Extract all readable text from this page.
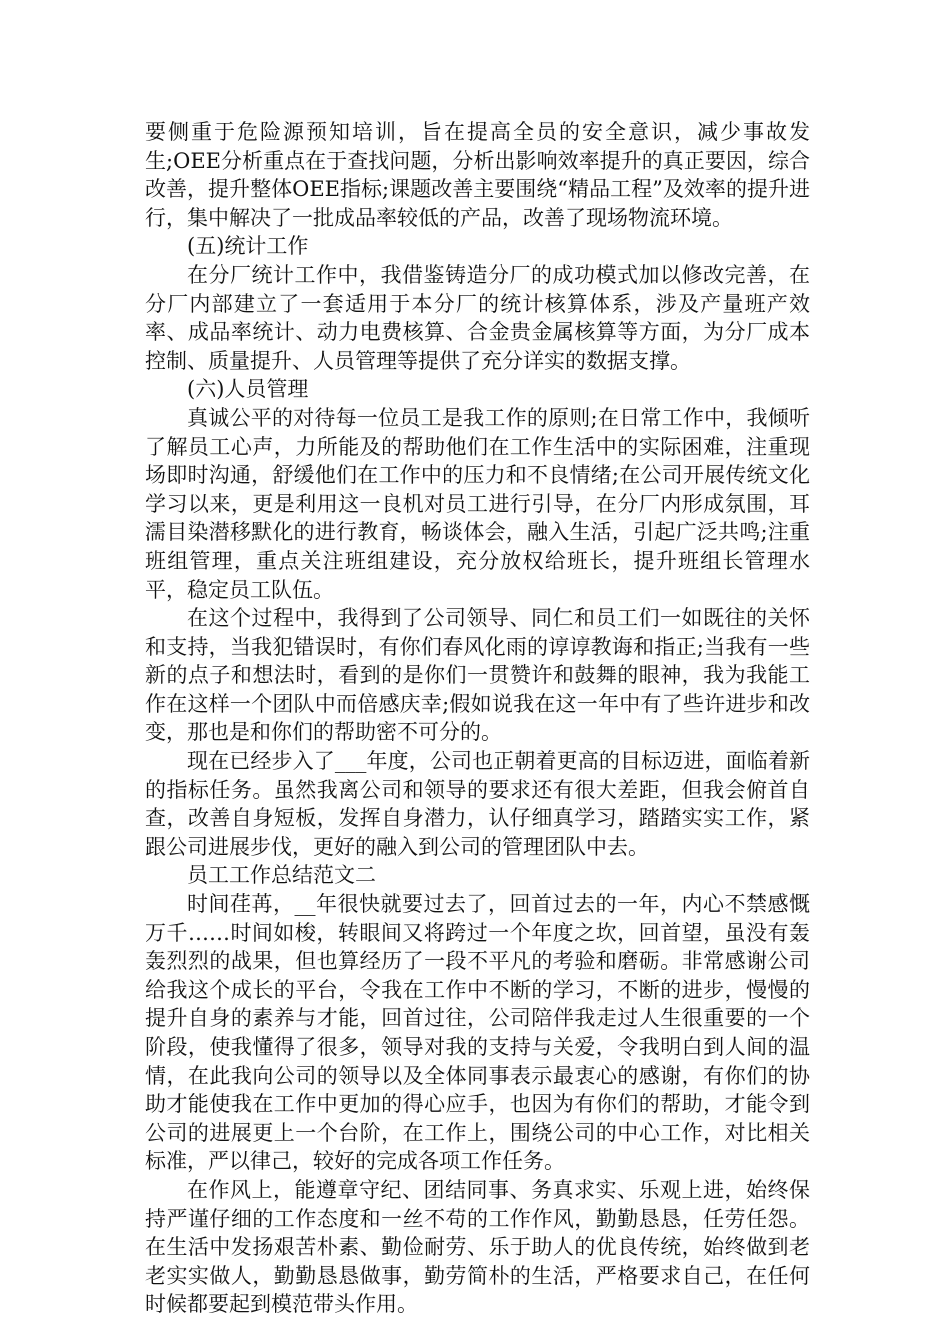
要侧重于危险源预知培训，旨在提高全员的安全意识，减少事故发生;OEE分析重点在于查找问题，分析出影响效率提升的真正要因，综合改善，提升整体OEE指标;课题改善主要围绕“精品工程”及效率的提升进行，集中解决了一批成品率较低的产品，改善了现场物流环境。

(五)统计工作

在分厂统计工作中，我借鉴铸造分厂的成功模式加以修改完善，在分厂内部建立了一套适用于本分厂的统计核算体系，涉及产量班产效率、成品率统计、动力电费核算、合金贵金属核算等方面，为分厂成本控制、质量提升、人员管理等提供了充分详实的数据支撑。

(六)人员管理

真诚公平的对待每一位员工是我工作的原则;在日常工作中，我倾听了解员工心声，力所能及的帮助他们在工作生活中的实际困难，注重现场即时沟通，舒缓他们在工作中的压力和不良情绪;在公司开展传统文化学习以来，更是利用这一良机对员工进行引导，在分厂内形成氛围，耳濡目染潜移默化的进行教育，畅谈体会，融入生活，引起广泛共鸣;注重班组管理，重点关注班组建设，充分放权给班长，提升班组长管理水平，稳定员工队伍。

在这个过程中，我得到了公司领导、同仁和员工们一如既往的关怀和支持，当我犯错误时，有你们春风化雨的谆谆教诲和指正;当我有一些新的点子和想法时，看到的是你们一贯赞许和鼓舞的眼神，我为我能工作在这样一个团队中而倍感庆幸;假如说我在这一年中有了些许进步和改变，那也是和你们的帮助密不可分的。

现在已经步入了___年度，公司也正朝着更高的目标迈进，面临着新的指标任务。虽然我离公司和领导的要求还有很大差距，但我会俯首自查，改善自身短板，发挥自身潜力，认仔细真学习，踏踏实实工作，紧跟公司进展步伐，更好的融入到公司的管理团队中去。

员工工作总结范文二

时间荏苒，__年很快就要过去了，回首过去的一年，内心不禁感慨万千……时间如梭，转眼间又将跨过一个年度之坎，回首望，虽没有轰轰烈烈的战果，但也算经历了一段不平凡的考验和磨砺。非常感谢公司给我这个成长的平台，令我在工作中不断的学习，不断的进步，慢慢的提升自身的素养与才能，回首过往，公司陪伴我走过人生很重要的一个阶段，使我懂得了很多，领导对我的支持与关爱，令我明白到人间的温情，在此我向公司的领导以及全体同事表示最衷心的感谢，有你们的协助才能使我在工作中更加的得心应手，也因为有你们的帮助，才能令到公司的进展更上一个台阶，在工作上，围绕公司的中心工作，对比相关标准，严以律己，较好的完成各项工作任务。

在作风上，能遵章守纪、团结同事、务真求实、乐观上进，始终保持严谨仔细的工作态度和一丝不苟的工作作风，勤勤恳恳，任劳任怨。在生活中发扬艰苦朴素、勤俭耐劳、乐于助人的优良传统，始终做到老老实实做人，勤勤恳恳做事，勤劳简朴的生活，严格要求自己，在任何时候都要起到模范带头作用。
